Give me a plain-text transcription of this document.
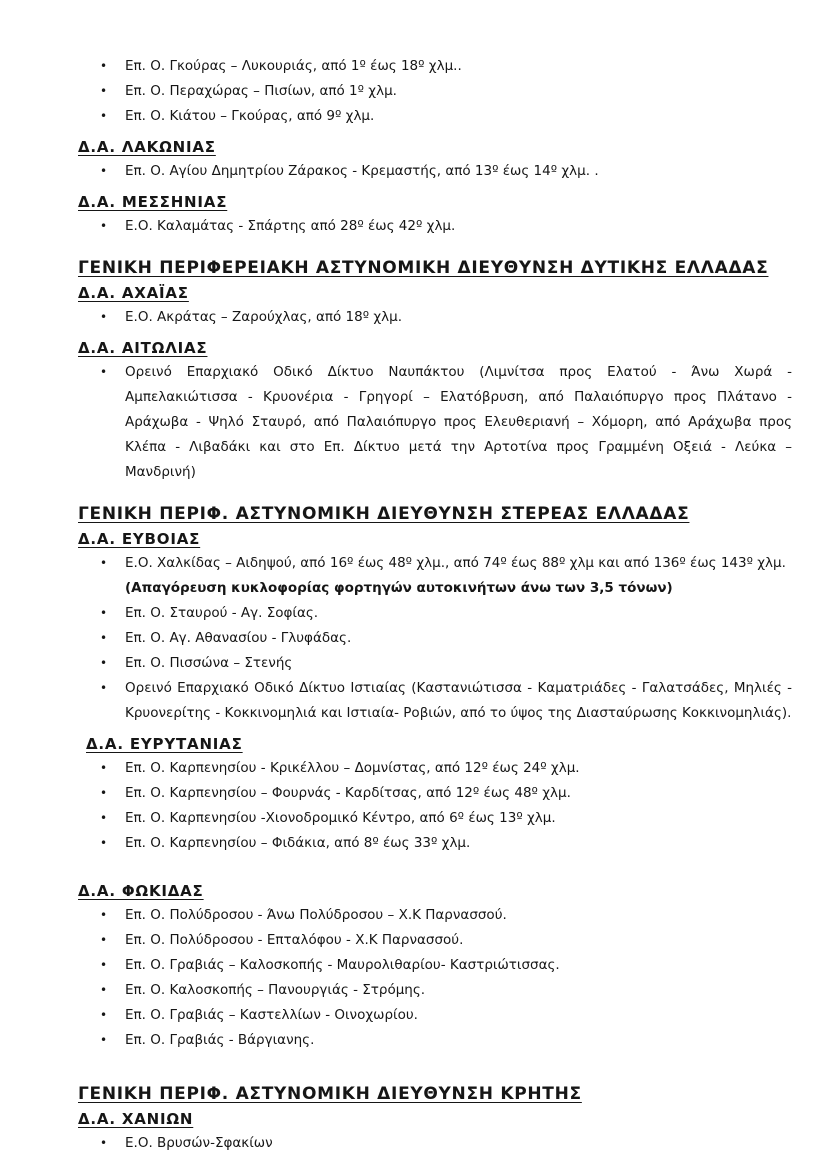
•	Επ. Ο. Γκούρας – Λυκουριάς, από 1º έως 18º χλμ..
•	Επ. Ο. Περαχώρας – Πισίων, από 1º χλμ.
•	Επ. Ο. Κιάτου – Γκούρας, από 9º χλμ.
Δ.Α. ΛΑΚΩΝΙΑΣ
•	Επ. Ο. Αγίου Δημητρίου Ζάρακος - Κρεμαστής, από 13º έως 14º χλμ. .
Δ.Α. ΜΕΣΣΗΝΙΑΣ
•	Ε.Ο. Καλαμάτας - Σπάρτης από 28º έως 42º χλμ.
ΓΕΝΙΚΗ ΠΕΡΙΦΕΡΕΙΑΚΗ ΑΣΤΥΝΟΜΙΚΗ ΔΙΕΥΘΥΝΣΗ ΔΥΤΙΚΗΣ ΕΛΛΑΔΑΣ
Δ.Α. ΑΧΑΪΑΣ
•	Ε.Ο. Ακράτας – Ζαρούχλας, από 18º χλμ.
Δ.Α. ΑΙΤΩΛΙΑΣ
•	Ορεινό Επαρχιακό Οδικό Δίκτυο Ναυπάκτου (Λιμνίτσα προς Ελατού - Άνω Χωρά - Αμπελακιώτισσα - Κρυονέρια - Γρηγορί – Ελατόβρυση, από Παλαιόπυργο προς Πλάτανο - Αράχωβα - Ψηλό Σταυρό, από Παλαιόπυργο προς Ελευθεριανή – Χόμορη, από Αράχωβα προς Κλέπα - Λιβαδάκι και στο Επ. Δίκτυο μετά την Αρτοτίνα προς Γραμμένη Οξειά - Λεύκα – Μανδρινή)
ΓΕΝΙΚΗ ΠΕΡΙΦ. ΑΣΤΥΝΟΜΙΚΗ ΔΙΕΥΘΥΝΣΗ ΣΤΕΡΕΑΣ ΕΛΛΑΔΑΣ
Δ.Α. ΕΥΒΟΙΑΣ
•	Ε.Ο. Χαλκίδας – Αιδηψού, από 16º έως 48º χλμ., από 74º έως 88º χλμ και από 136º έως 143º χλμ.
(Απαγόρευση κυκλοφορίας φορτηγών αυτοκινήτων άνω των 3,5 τόνων)
•	Επ. Ο. Σταυρού - Αγ. Σοφίας.
•	Επ. Ο. Αγ. Αθανασίου - Γλυφάδας.
•	Επ. Ο. Πισσώνα – Στενής
•	Ορεινό Επαρχιακό Οδικό Δίκτυο Ιστιαίας (Καστανιώτισσα - Καματριάδες - Γαλατσάδες, Μηλιές - Κρυονερίτης - Κοκκινομηλιά και Ιστιαία- Ροβιών, από το ύψος της Διασταύρωσης Κοκκινομηλιάς).
Δ.Α. ΕΥΡΥΤΑΝΙΑΣ
•	Επ. Ο. Καρπενησίου - Κρικέλλου – Δομνίστας, από 12º έως 24º χλμ.
•	Επ. Ο. Καρπενησίου – Φουρνάς - Καρδίτσας, από 12º έως 48º χλμ.
•	Επ. Ο. Καρπενησίου -Χιονοδρομικό Κέντρο, από 6º έως 13º χλμ.
•	Επ. Ο. Καρπενησίου – Φιδάκια, από 8º έως 33º χλμ.
Δ.Α. ΦΩΚΙΔΑΣ
•	Επ. Ο. Πολύδροσου - Άνω Πολύδροσου – Χ.Κ Παρνασσού.
•	Επ. Ο. Πολύδροσου - Επταλόφου - Χ.Κ Παρνασσού.
•	Επ. Ο. Γραβιάς – Καλοσκοπής - Μαυρολιθαρίου- Καστριώτισσας.
•	Επ. Ο. Καλοσκοπής – Πανουργιάς - Στρόμης.
•	Επ. Ο. Γραβιάς – Καστελλίων - Οινοχωρίου.
•	Επ. Ο. Γραβιάς - Βάργιανης.
ΓΕΝΙΚΗ ΠΕΡΙΦ. ΑΣΤΥΝΟΜΙΚΗ ΔΙΕΥΘΥΝΣΗ ΚΡΗΤΗΣ
Δ.Α. ΧΑΝΙΩΝ
•	Ε.Ο. Βρυσών-Σφακίων
